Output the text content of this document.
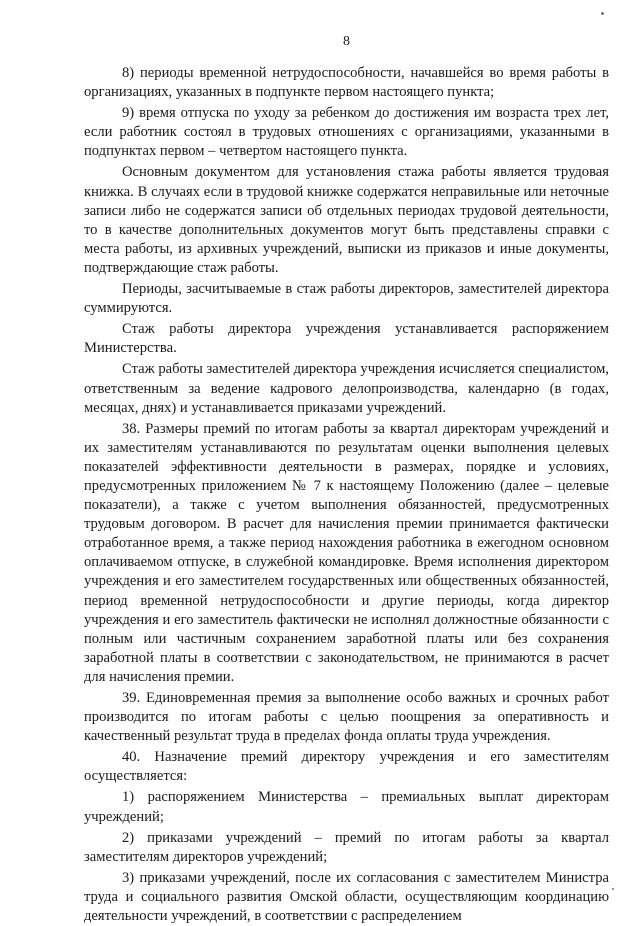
8

8) периоды временной нетрудоспособности, начавшейся во время работы в организациях, указанных в подпункте первом настоящего пункта;

9) время отпуска по уходу за ребенком до достижения им возраста трех лет, если работник состоял в трудовых отношениях с организациями, указанными в подпунктах первом – четвертом настоящего пункта.

Основным документом для установления стажа работы является трудовая книжка. В случаях если в трудовой книжке содержатся неправильные или неточные записи либо не содержатся записи об отдельных периодах трудовой деятельности, то в качестве дополнительных документов могут быть представлены справки с места работы, из архивных учреждений, выписки из приказов и иные документы, подтверждающие стаж работы.

Периоды, засчитываемые в стаж работы директоров, заместителей директора суммируются.

Стаж работы директора учреждения устанавливается распоряжением Министерства.

Стаж работы заместителей директора учреждения исчисляется специалистом, ответственным за ведение кадрового делопроизводства, календарно (в годах, месяцах, днях) и устанавливается приказами учреждений.

38. Размеры премий по итогам работы за квартал директорам учреждений и их заместителям устанавливаются по результатам оценки выполнения целевых показателей эффективности деятельности в размерах, порядке и условиях, предусмотренных приложением № 7 к настоящему Положению (далее – целевые показатели), а также с учетом выполнения обязанностей, предусмотренных трудовым договором. В расчет для начисления премии принимается фактически отработанное время, а также период нахождения работника в ежегодном основном оплачиваемом отпуске, в служебной командировке. Время исполнения директором учреждения и его заместителем государственных или общественных обязанностей, период временной нетрудоспособности и другие периоды, когда директор учреждения и его заместитель фактически не исполнял должностные обязанности с полным или частичным сохранением заработной платы или без сохранения заработной платы в соответствии с законодательством, не принимаются в расчет для начисления премии.

39. Единовременная премия за выполнение особо важных и срочных работ производится по итогам работы с целью поощрения за оперативность и качественный результат труда в пределах фонда оплаты труда учреждения.

40. Назначение премий директору учреждения и его заместителям осуществляется:

1) распоряжением Министерства – премиальных выплат директорам учреждений;

2) приказами учреждений – премий по итогам работы за квартал заместителям директоров учреждений;

3) приказами учреждений, после их согласования с заместителем Министра труда и социального развития Омской области, осуществляющим координацию деятельности учреждений, в соответствии с распределением
